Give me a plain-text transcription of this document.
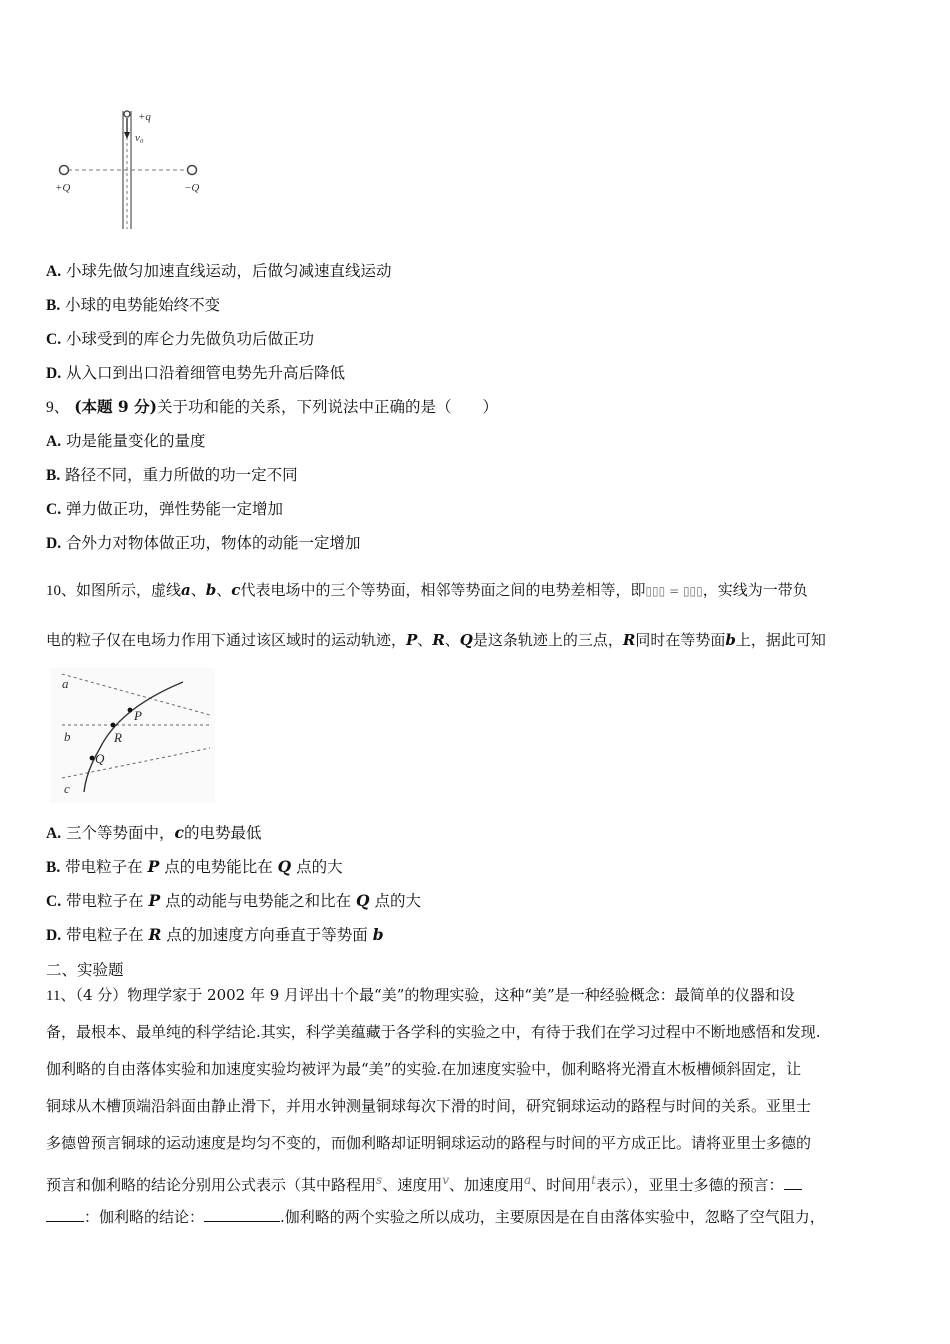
+q
v₀
+Q	−Q
A. 小球先做匀加速直线运动，后做匀减速直线运动
B. 小球的电势能始终不变
C. 小球受到的库仑力先做负功后做正功
D. 从入口到出口沿着细管电势先升高后降低
9、 (本题 9 分)关于功和能的关系，下列说法中正确的是（　　）
A. 功是能量变化的量度
B. 路径不同，重力所做的功一定不同
C. 弹力做正功，弹性势能一定增加
D. 合外力对物体做正功，物体的动能一定增加
10、如图所示，虚线a、b、c代表电场中的三个等势面，相邻等势面之间的电势差相等，即▯▯▯ = ▯▯▯，实线为一带负
电的粒子仅在电场力作用下通过该区域时的运动轨迹，P、R、Q是这条轨迹上的三点，R同时在等势面b上，据此可知
a
b
c
P
R
Q
A. 三个等势面中，c的电势最低
B. 带电粒子在 P 点的电势能比在 Q 点的大
C. 带电粒子在 P 点的动能与电势能之和比在 Q 点的大
D. 带电粒子在 R 点的加速度方向垂直于等势面 b
二、实验题
11、（4 分）物理学家于 2002 年 9 月评出十个最“美”的物理实验，这种“美”是一种经验概念：最简单的仪器和设
备，最根本、最单纯的科学结论.其实，科学美蕴藏于各学科的实验之中，有待于我们在学习过程中不断地感悟和发现.
伽利略的自由落体实验和加速度实验均被评为最“美”的实验.在加速度实验中，伽利略将光滑直木板槽倾斜固定，让
铜球从木槽顶端沿斜面由静止滑下，并用水钟测量铜球每次下滑的时间，研究铜球运动的路程与时间的关系。亚里士
多德曾预言铜球的运动速度是均匀不变的，而伽利略却证明铜球运动的路程与时间的平方成正比。请将亚里士多德的
预言和伽利略的结论分别用公式表示（其中路程用$^s$、速度用$^v$、加速度用$^a$、时间用$^t$表示），亚里士多德的预言：
：伽利略的结论：	.伽利略的两个实验之所以成功，主要原因是在自由落体实验中，忽略了空气阻力，
